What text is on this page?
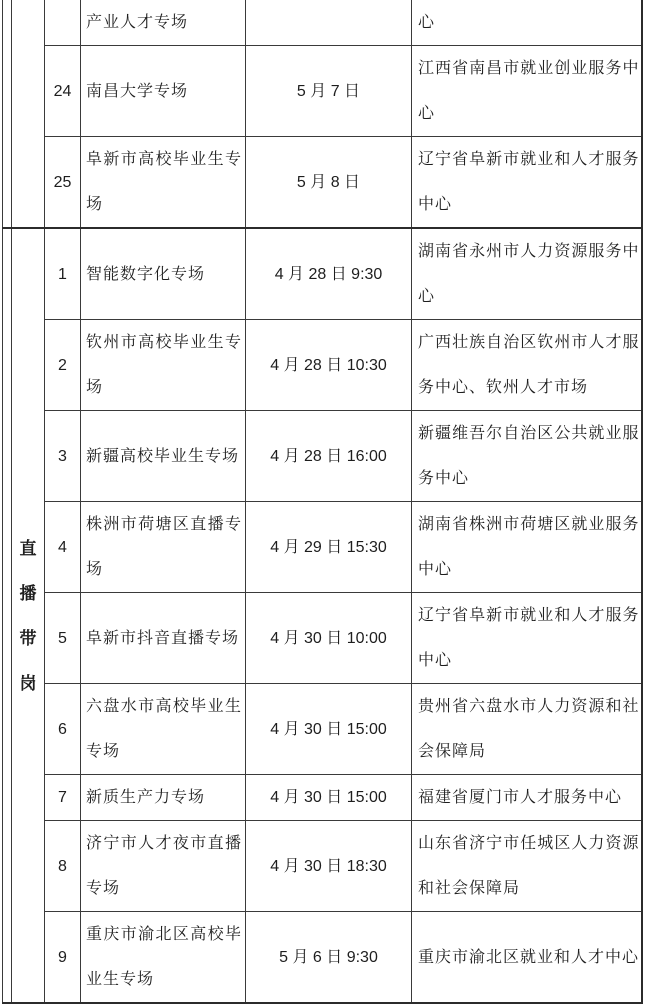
		产业人才专场		心
		24	南昌大学专场	5 月 7 日	江西省南昌市就业创业服务中心
		25	阜新市高校毕业生专场	5 月 8 日	辽宁省阜新市就业和人才服务中心

	直播带岗	1	智能数字化专场	4 月 28 日 9:30	湖南省永州市人力资源服务中心
		2	钦州市高校毕业生专场	4 月 28 日 10:30	广西壮族自治区钦州市人才服务中心、钦州人才市场
		3	新疆高校毕业生专场	4 月 28 日 16:00	新疆维吾尔自治区公共就业服务中心
		4	株洲市荷塘区直播专场	4 月 29 日 15:30	湖南省株洲市荷塘区就业服务中心
		5	阜新市抖音直播专场	4 月 30 日 10:00	辽宁省阜新市就业和人才服务中心
		6	六盘水市高校毕业生专场	4 月 30 日 15:00	贵州省六盘水市人力资源和社会保障局
		7	新质生产力专场	4 月 30 日 15:00	福建省厦门市人才服务中心
		8	济宁市人才夜市直播专场	4 月 30 日 18:30	山东省济宁市任城区人力资源和社会保障局
		9	重庆市渝北区高校毕业生专场	5 月 6 日 9:30	重庆市渝北区就业和人才中心
